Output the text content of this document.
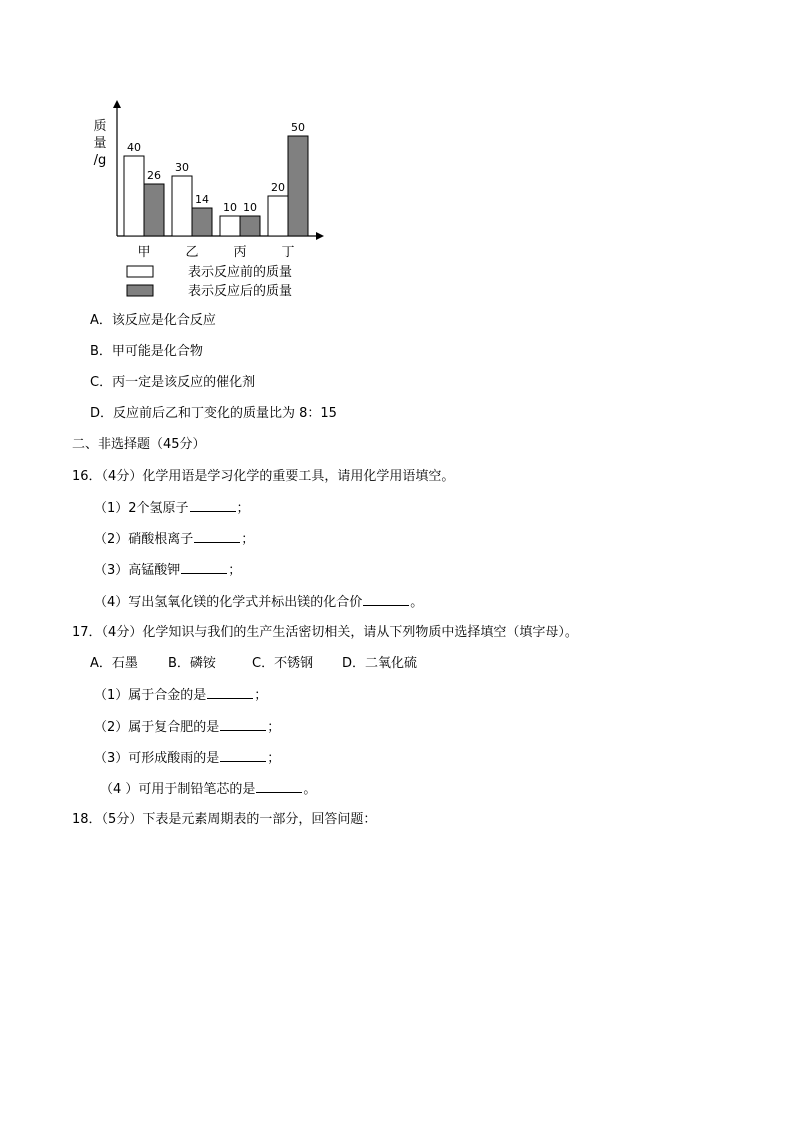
质
量
/g
40
26
30
14
10 10
20
50
甲	乙	丙	丁
表示反应前的质量
表示反应后的质量
A．该反应是化合反应
B．甲可能是化合物
C．丙一定是该反应的催化剂
D．反应前后乙和丁变化的质量比为 8：15
二、非选择题（45分）
16．（4分）化学用语是学习化学的重要工具，请用化学用语填空。
（1）2个氢原子	；
（2）硝酸根离子	；
（3）高锰酸钾	；
（4）写出氢氧化镁的化学式并标出镁的化合价	。
17．（4分）化学知识与我们的生产生活密切相关，请从下列物质中选择填空（填字母）。
A．石墨 B．磷铵	C．不锈钢 D．二氧化硫
（1）属于合金的是	；
（2）属于复合肥的是	；
（3）可形成酸雨的是	；
（4 ）可用于制铅笔芯的是	。
18．（5分）下表是元素周期表的一部分，回答问题：
